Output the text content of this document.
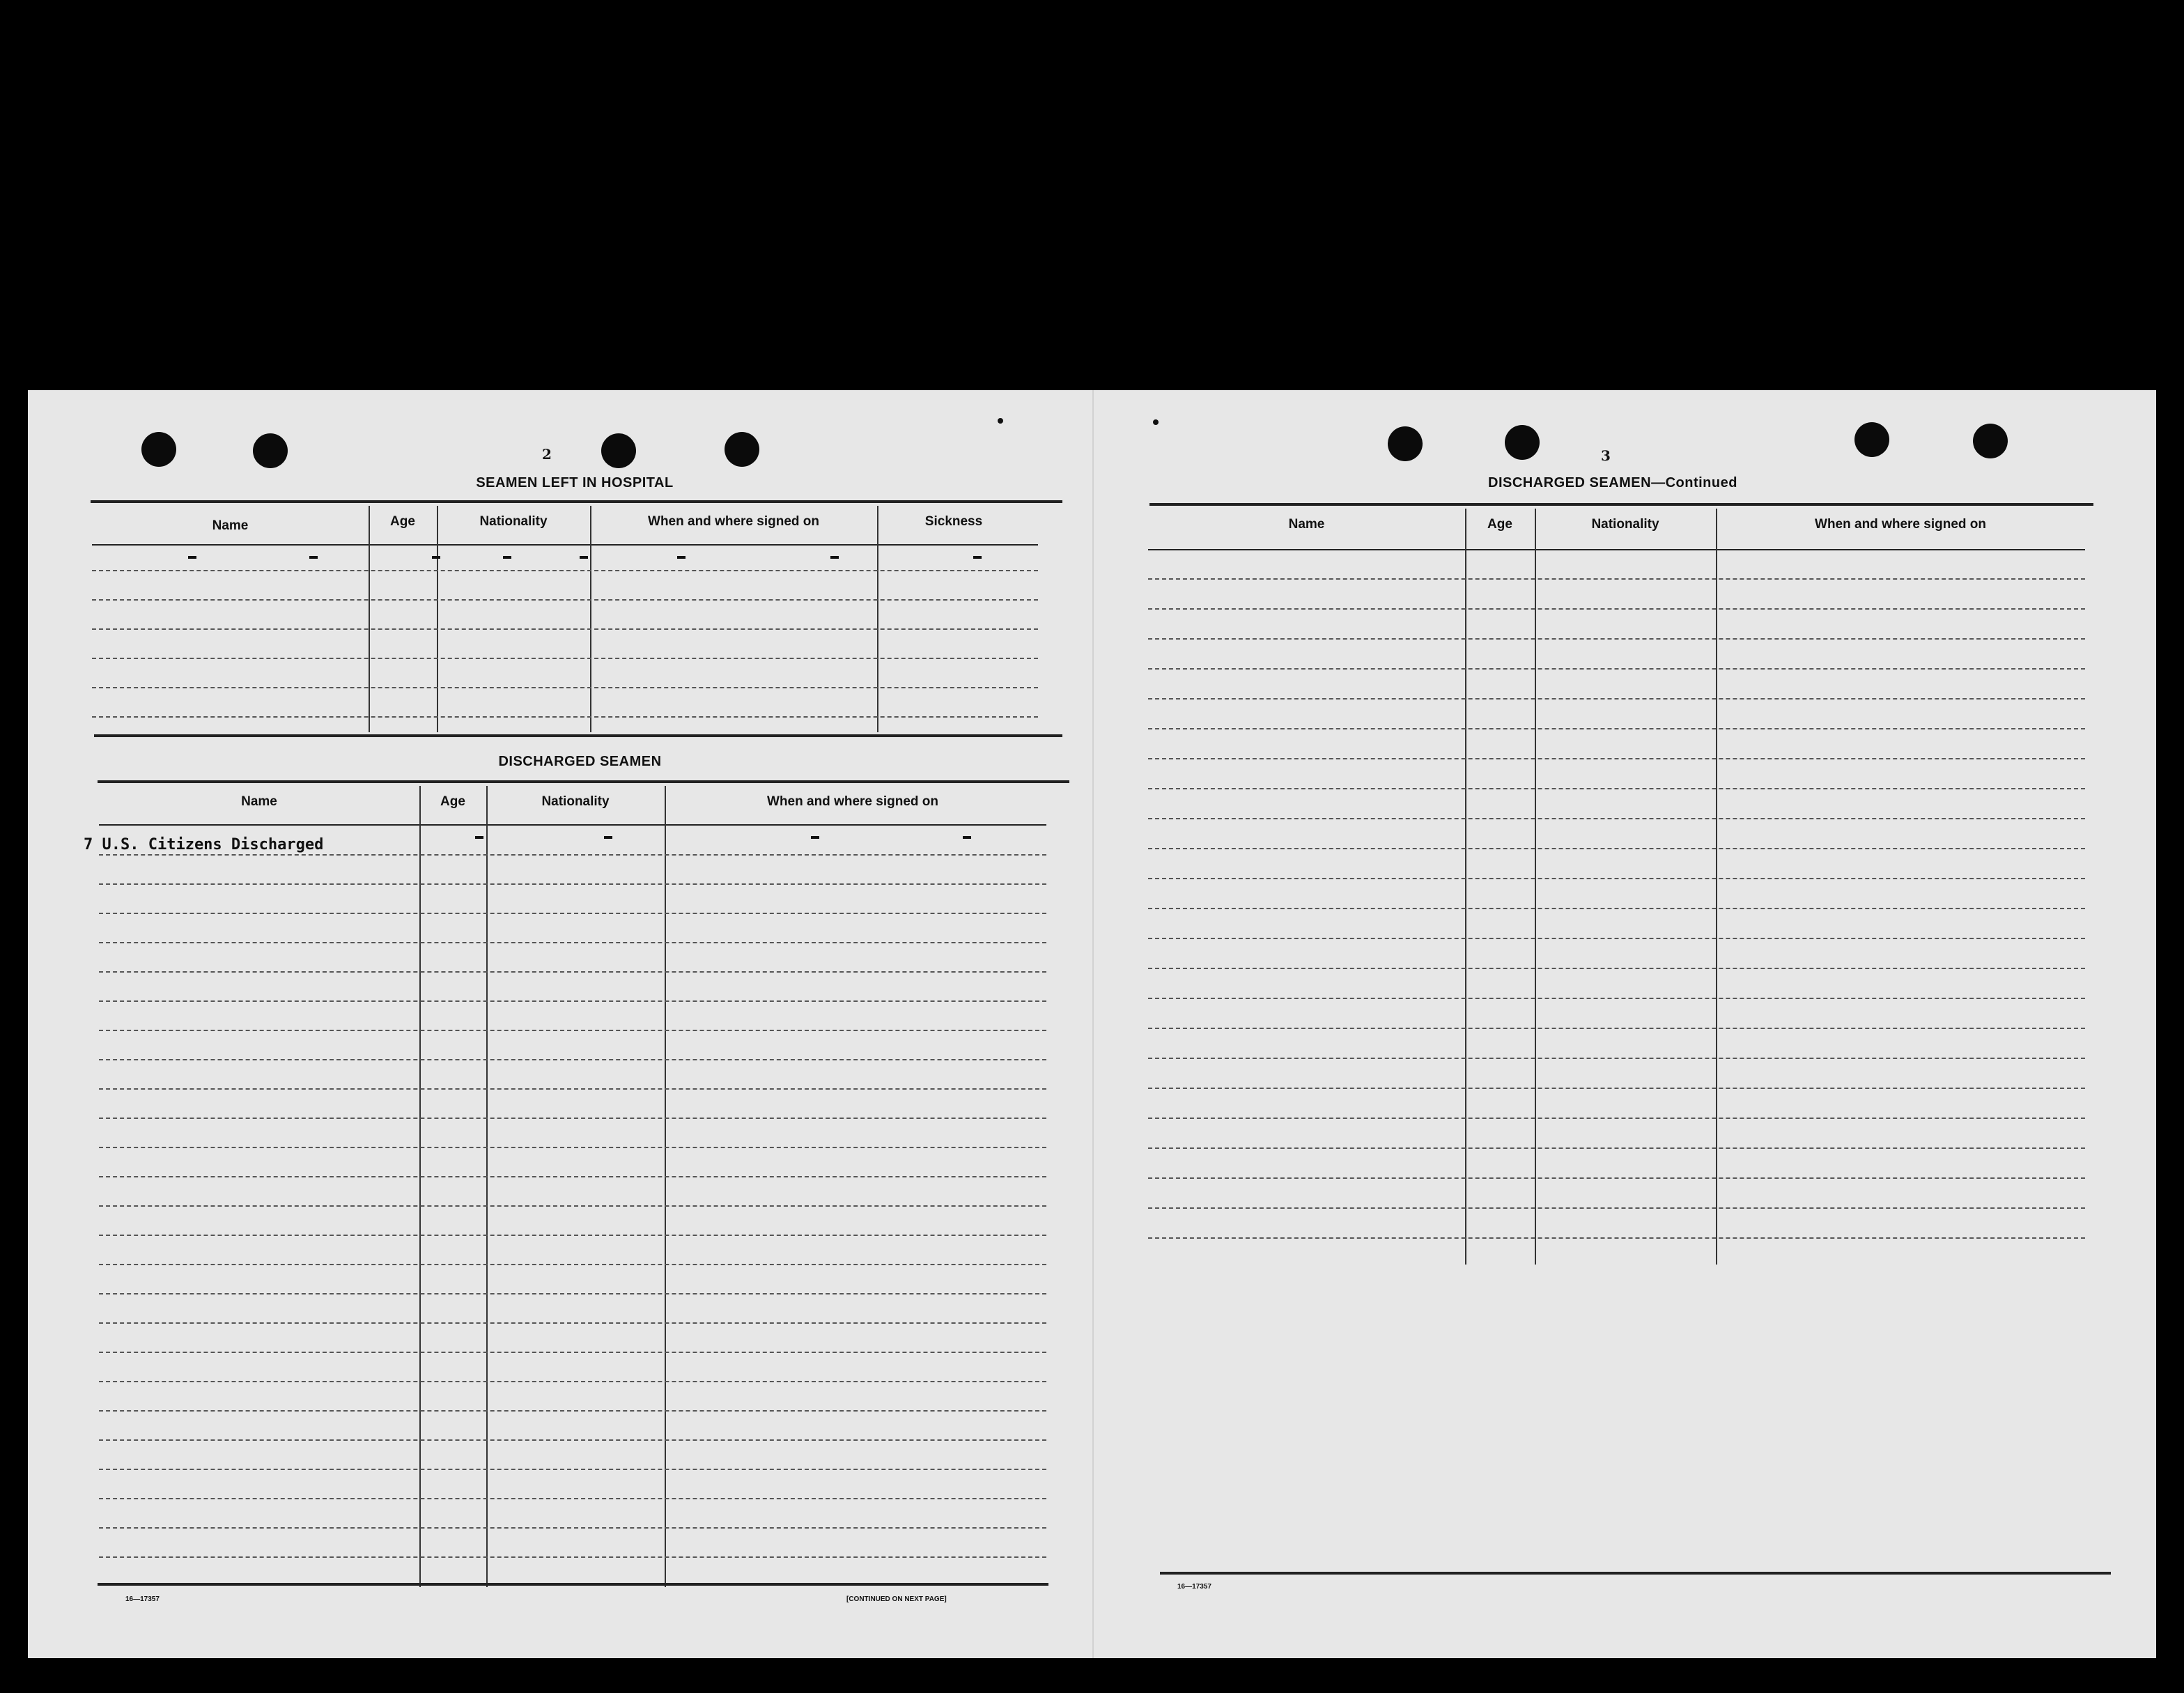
2
SEAMEN LEFT IN HOSPITAL
Name	Age	Nationality	When and where signed on	Sickness
DISCHARGED SEAMEN
Name	Age	Nationality	When and where signed on
7 U.S. Citizens Discharged
16—17357	[CONTINUED ON NEXT PAGE]
3
DISCHARGED SEAMEN—Continued
Name	Age	Nationality	When and where signed on
16—17357
